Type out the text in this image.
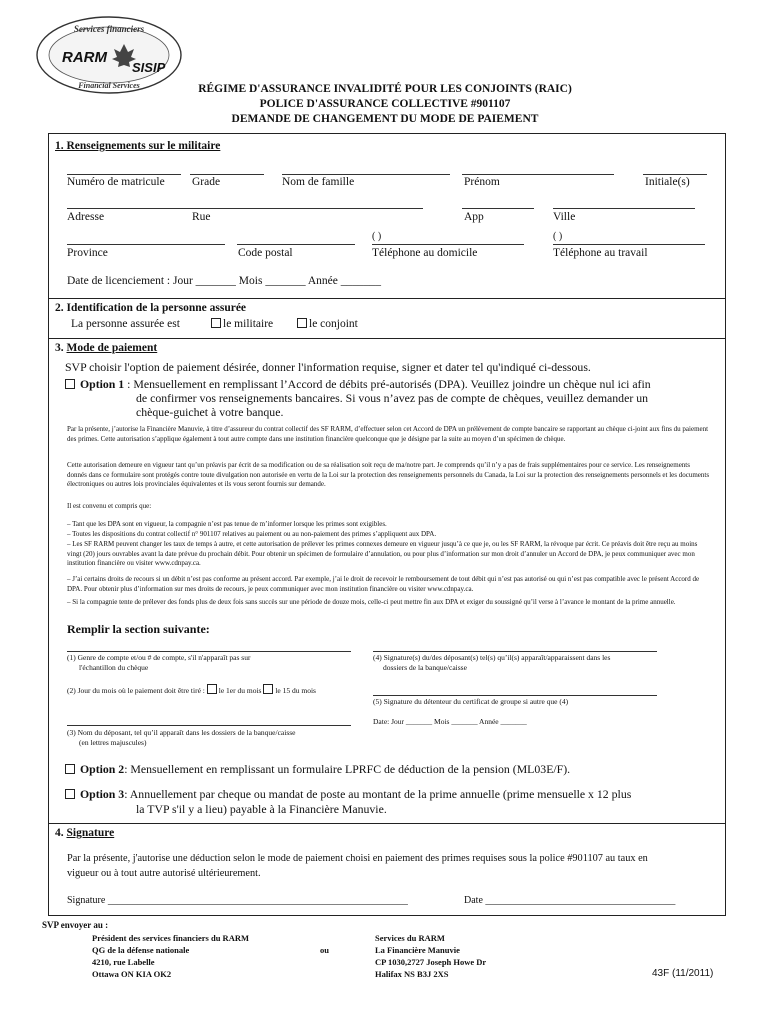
Services financiers
RARM
SISIP
Financial Services	RÉGIME D'ASSURANCE INVALIDITÉ POUR LES CONJOINTS (RAIC)
POLICE D'ASSURANCE COLLECTIVE #901107
DEMANDE DE CHANGEMENT DU MODE DE PAIEMENT
1. Renseignements sur le militaire
Numéro de matricule Grade	Nom de famille	Prénom	Initiale(s)
Adresse	Rue	App	Ville
( )	( )
Province	Code postal	Téléphone au domicile	Téléphone au travail
Date de licenciement : Jour _______ Mois _______ Année _______
2. Identification de la personne assurée
La personne assurée est	le militaire	le conjoint
3. Mode de paiement
SVP choisir l'option de paiement désirée, donner l'information requise, signer et dater tel qu'indiqué ci-dessous.
Option 1 : Mensuellement en remplissant l’Accord de débits pré-autorisés (DPA). Veuillez joindre un chèque nul ici afin
de confirmer vos renseignements bancaires. Si vous n’avez pas de compte de chèques, veuillez demander un
chèque-guichet à votre banque.
Par la présente, j’autorise la Financière Manuvie, à titre d’assureur du contrat collectif des SF RARM, d’effectuer selon cet Accord de DPA un prélèvement de compte bancaire se rapportant au chèque ci-joint aux fins du paiement des primes. Cette autorisation s’applique également à tout autre compte dans une institution financière quelconque que je désigne par la suite au moyen d’un spécimen de chèque.
Cette autorisation demeure en vigueur tant qu’un préavis par écrit de sa modification ou de sa réalisation soit reçu de ma/notre part. Je comprends qu’il n’y a pas de frais supplémentaires pour ce service. Les renseignements donnés dans ce formulaire sont protégés contre toute divulgation non autorisée en vertu de la Loi sur la protection des renseignements personnels du Canada, la Loi sur la protection des renseignements personnels et les documents électroniques ou autres lois provinciales équivalentes et ils vous seront fournis sur demande.
Il est convenu et compris que:
– Tant que les DPA sont en vigueur, la compagnie n’est pas tenue de m’informer lorsque les primes sont exigibles.
– Toutes les dispositions du contrat collectif n° 901107 relatives au paiement ou au non-paiement des primes s’appliquent aux DPA.
– Les SF RARM peuvent changer les taux de temps à autre, et cette autorisation de prélever les primes connexes demeure en vigueur jusqu’à ce que je, ou les SF RARM, la révoque par écrit. Ce préavis doit être reçu au moins vingt (20) jours ouvrables avant la date prévue du prochain débit. Pour obtenir un spécimen de formulaire d’annulation, ou pour plus d’information sur mon droit d’annuler un Accord de DPA, je peux communiquer avec mon institution financière ou visiter www.cdnpay.ca.
– J’ai certains droits de recours si un débit n’est pas conforme au présent accord. Par exemple, j’ai le droit de recevoir le remboursement de tout débit qui n’est pas autorisé ou qui n’est pas compatible avec le présent Accord de DPA. Pour obtenir plus d’information sur mes droits de recours, je peux communiquer avec mon institution financière ou visiter www.cdnpay.ca.
– Si la compagnie tente de prélever des fonds plus de deux fois sans succès sur une période de douze mois, celle-ci peut mettre fin aux DPA et exiger du soussigné qu’il verse à l’avance le montant de la prime annuelle.
Remplir la section suivante:
(1) Genre de compte et/ou # de compte, s'il n'apparaît pas sur
l'échantillon du chèque
(2) Jour du mois où le paiement doit être tiré : le 1er du mois le 15 du mois
(3) Nom du déposant, tel qu’il apparaît dans les dossiers de la banque/caisse
(en lettres majuscules)
(4) Signature(s) du/des déposant(s) tel(s) qu’il(s) apparaît/apparaissent dans les
dossiers de la banque/caisse
(5) Signature du détenteur du certificat de groupe si autre que (4)
Date: Jour _______ Mois _______ Année _______
Option 2: Mensuellement en remplissant un formulaire LPRFC de déduction de la pension (ML03E/F).
Option 3: Annuellement par cheque ou mandat de poste au montant de la prime annuelle (prime mensuelle x 12 plus
la TVP s'il y a lieu) payable à la Financière Manuvie.
4. Signature
Par la présente, j'autorise une déduction selon le mode de paiement choisi en paiement des primes requises sous la police #901107 au taux en
vigueur ou à tout autre autorisé ultérieurement.
Signature ____________________________________________________________	Date ______________________________________
SVP envoyer au :
Président des services financiers du RARM
QG de la défense nationale
4210, rue Labelle
Ottawa ON KIA OK2
ou
Services du RARM
La Financière Manuvie
CP 1030,2727 Joseph Howe Dr
Halifax NS B3J 2XS	43F (11/2011)
